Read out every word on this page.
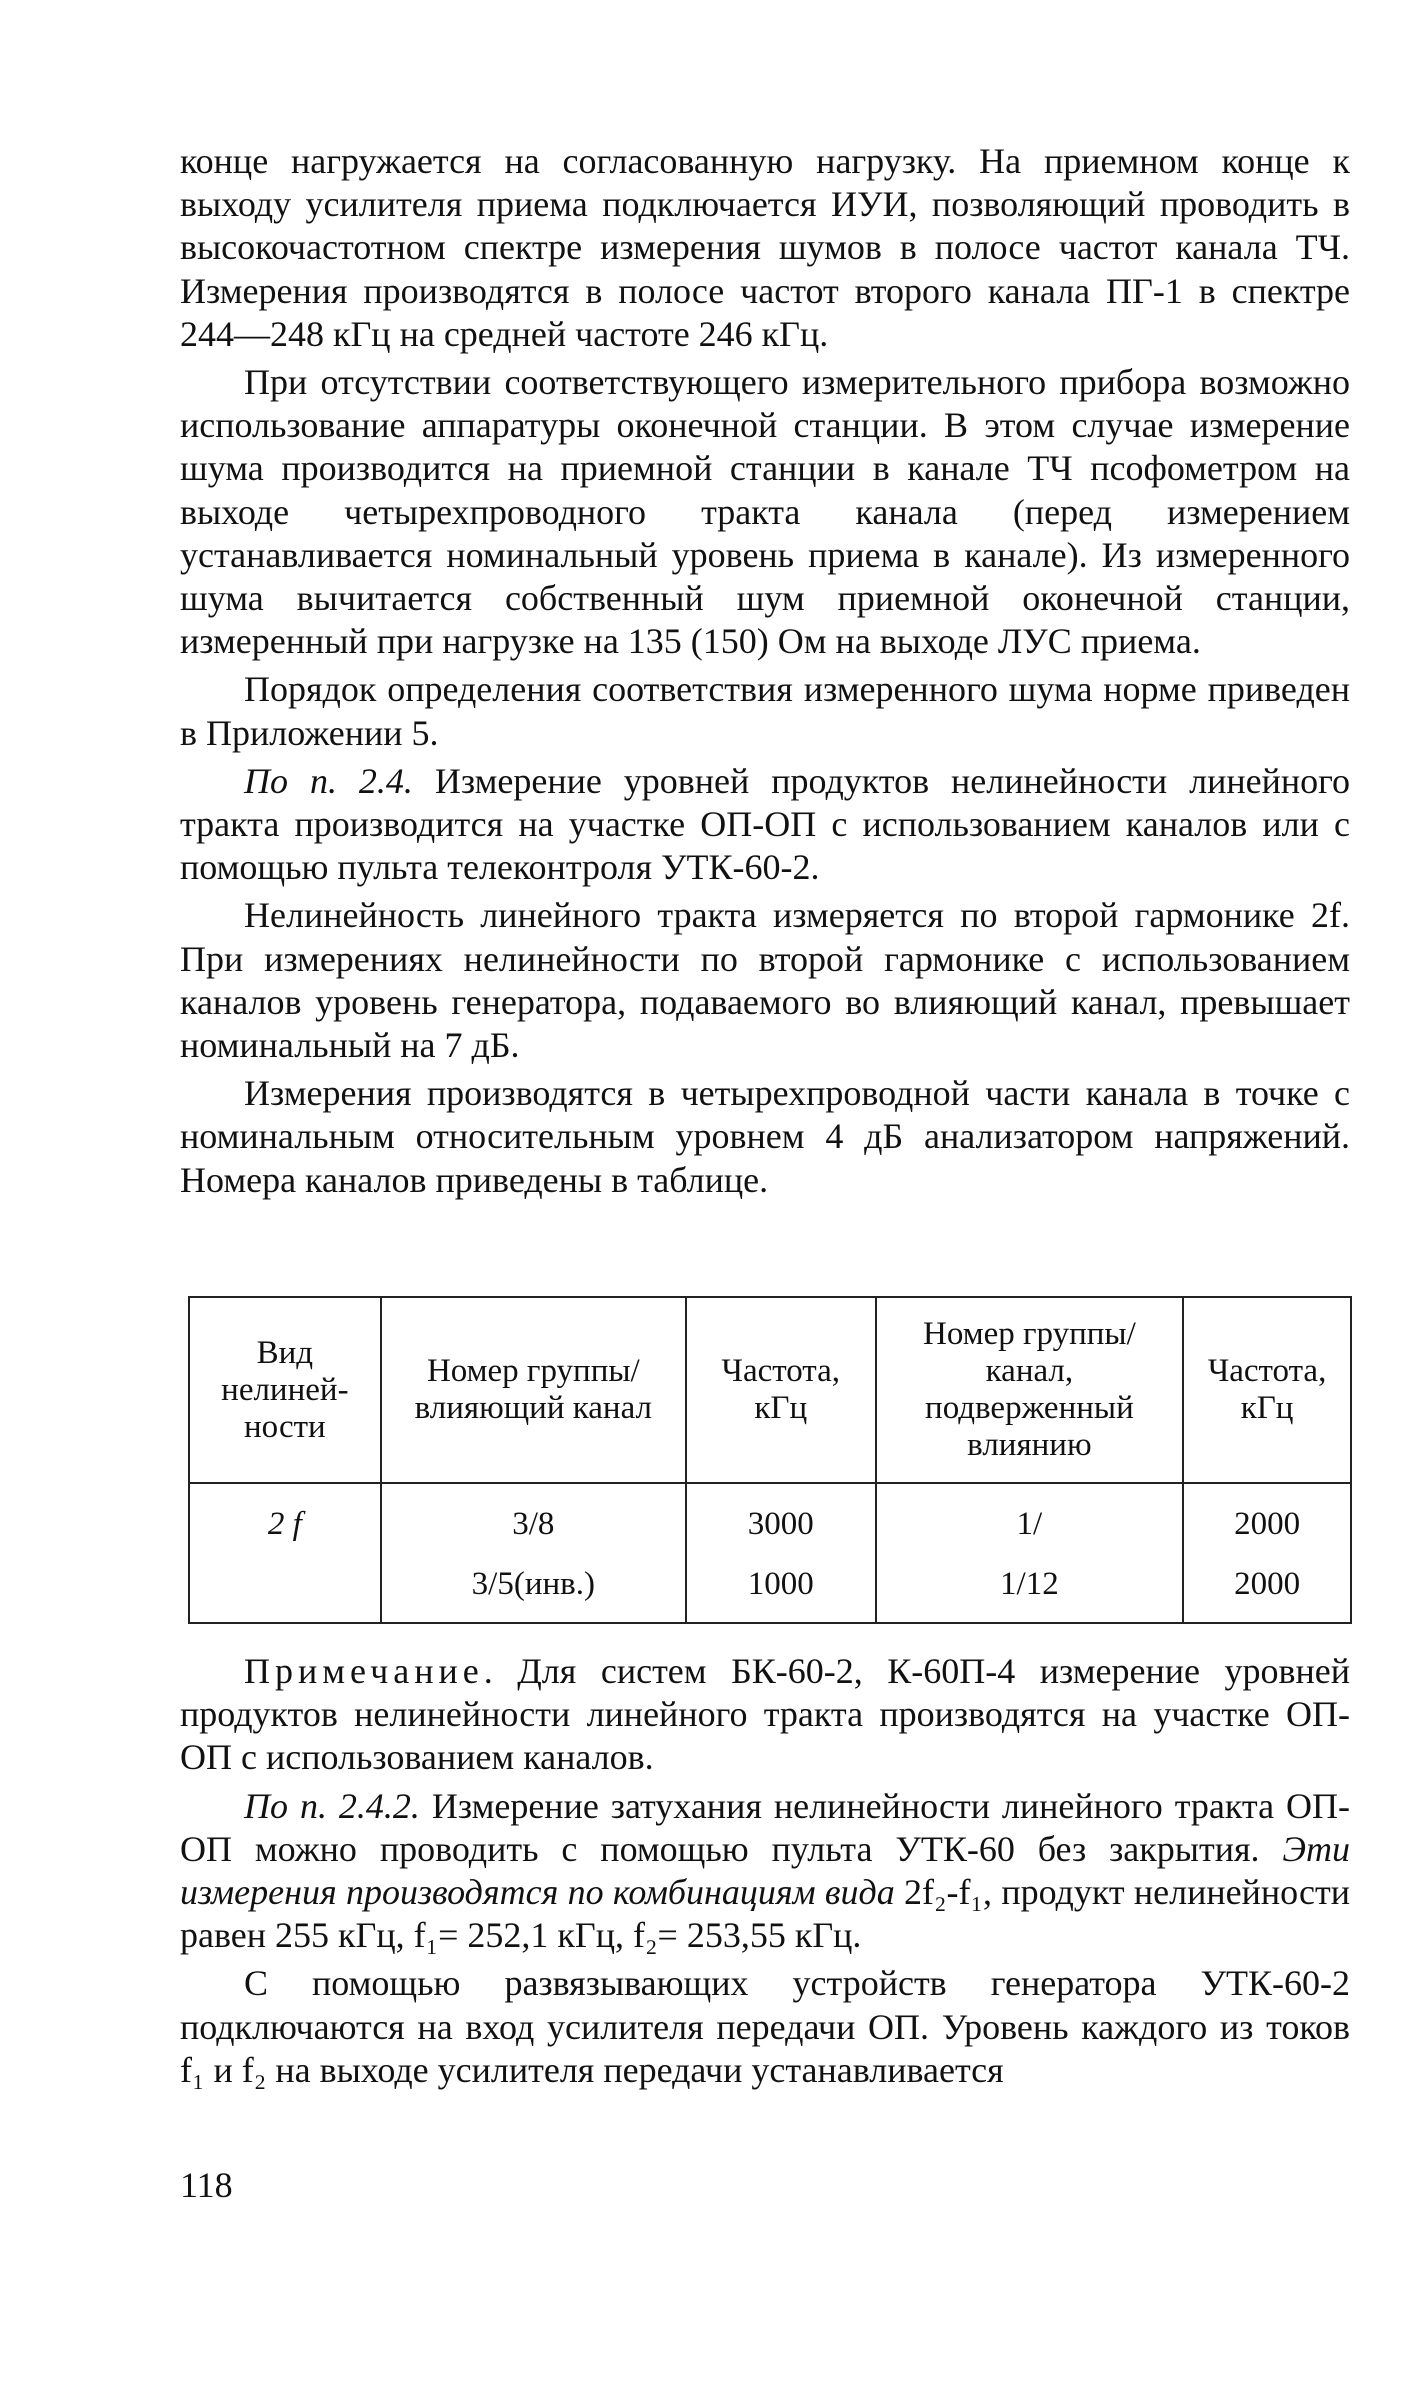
конце нагружается на согласованную нагрузку. На приемном конце к выходу усилителя приема подключается ИУИ, позволяющий проводить в высокочастотном спектре измерения шумов в полосе частот канала ТЧ. Измерения производятся в полосе частот второго канала ПГ-1 в спектре 244—248 кГц на средней частоте 246 кГц.

При отсутствии соответствующего измерительного прибора возможно использование аппаратуры оконечной станции. В этом случае измерение шума производится на приемной станции в канале ТЧ псофометром на выходе четырехпроводного тракта канала (перед измерением устанавливается номинальный уровень приема в канале). Из измеренного шума вычитается собственный шум приемной оконечной станции, измеренный при нагрузке на 135 (150) Ом на выходе ЛУС приема.

Порядок определения соответствия измеренного шума норме приведен в Приложении 5.

По п. 2.4. Измерение уровней продуктов нелинейности линейного тракта производится на участке ОП-ОП с использованием каналов или с помощью пульта телеконтроля УТК-60-2.

Нелинейность линейного тракта измеряется по второй гармонике 2f. При измерениях нелинейности по второй гармонике с использованием каналов уровень генератора, подаваемого во влияющий канал, превышает номинальный на 7 дБ.

Измерения производятся в четырехпроводной части канала в точке с номинальным относительным уровнем 4 дБ анализатором напряжений. Номера каналов приведены в таблице.

Вид нелинейности	Номер группы/ влияющий канал	Частота, кГц	Номер группы/ канал, подверженный влиянию	Частота, кГц
2 f	3/8	3000	1/	2000
	3/5(инв.)	1000	1/12	2000

Примечание. Для систем БК-60-2, К-60П-4 измерение уровней продуктов нелинейности линейного тракта производятся на участке ОП-ОП с использованием каналов.

По п. 2.4.2. Измерение затухания нелинейности линейного тракта ОП-ОП можно проводить с помощью пульта УТК-60 без закрытия. Эти измерения производятся по комбинациям вида 2f₂-f₁, продукт нелинейности равен 255 кГц, f₁= 252,1 кГц, f₂= 253,55 кГц.

С помощью развязывающих устройств генератора УТК-60-2 подключаются на вход усилителя передачи ОП. Уровень каждого из токов f₁ и f₂ на выходе усилителя передачи устанавливается

118
